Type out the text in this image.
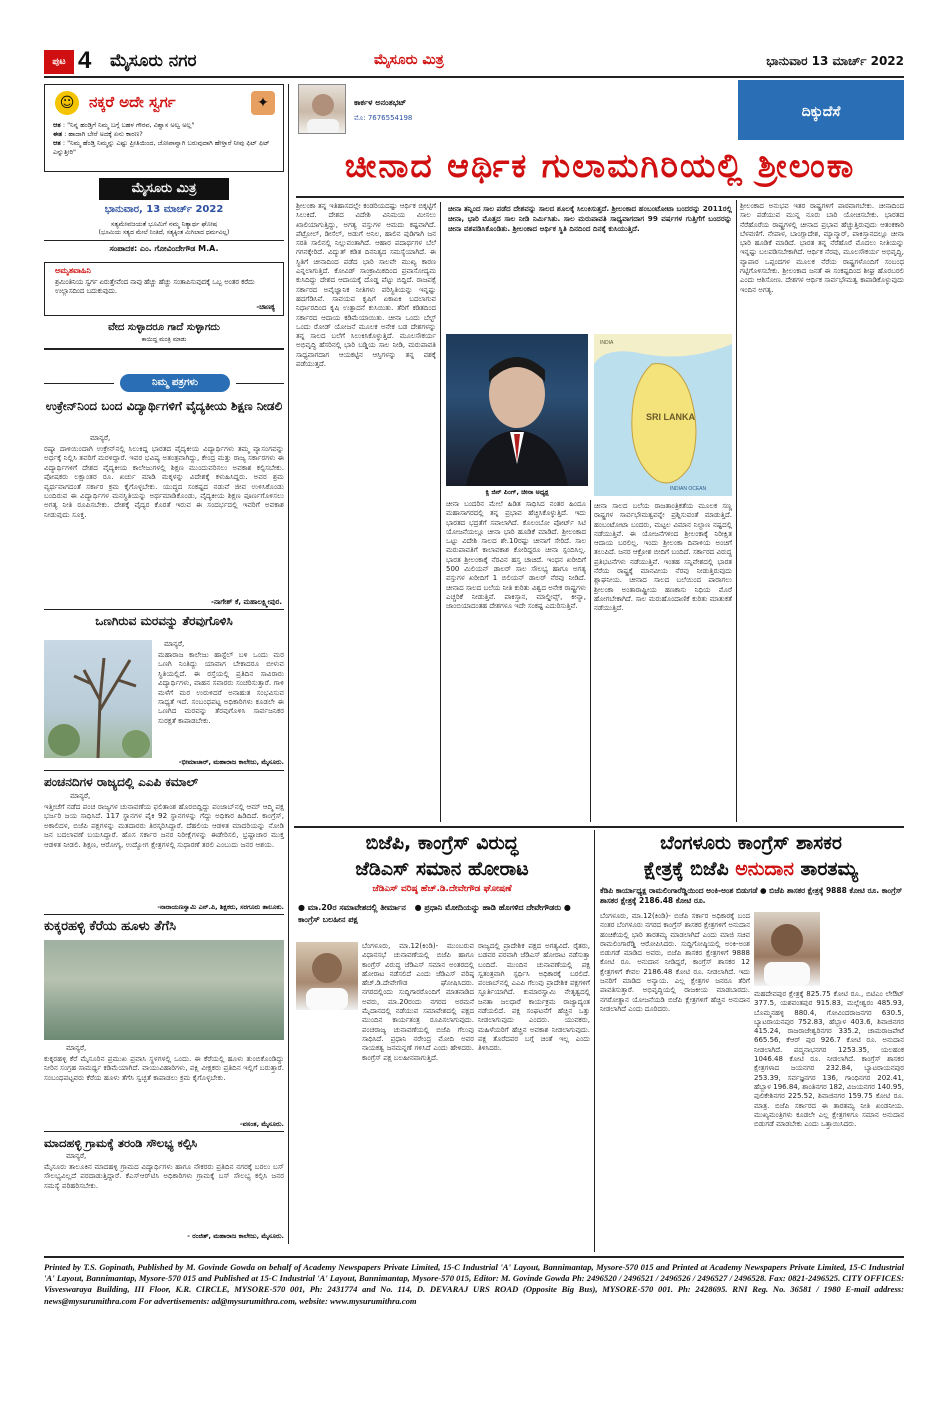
ಪುಟ 4 ಮೈಸೂರು ನಗರ	ಮೈಸೂರು ಮಿತ್ರ	ಭಾನುವಾರ 13 ಮಾರ್ಚ್ 2022
☺ ನಕ್ಕರೆ ಅದೇ ಸ್ವರ್ಗ	✦
ಆತ : "ನಿನ್ನ ಹಂಡ್ತಿಗೆ ನಿಮ್ಮ ಬಗ್ಗೆ ಬಹಳ ಗೌರವ, ವಿಶ್ವಾಸ ಅಲ್ವ ಅಲ್ಲ"
ಈತ : ಹಾದಾಗಿ ಬೇರೆ ಅದಕ್ಕೆ ಏನು ಕಾರಣ?
ಆತ : "ನಿಮ್ಮ ಹೆಂಡ್ತಿ ನಿಮ್ಮನ್ನು ಎಷ್ಟು ಪ್ರೀತಿಯಿಂದ, ಜೋಪಾನ್ವಾಗಿ ಬರುವುದಾಗಿ ಹೇಳ್ತಾರೆ ನೀವು ಫಿಟ್ ಫಿಟ್ ಎನ್ನುತ್ತೀರಿ"
ಮೈಸೂರು ಮಿತ್ರ
ಭಾನುವಾರ, 13 ಮಾರ್ಚ್ 2022
ಸತ್ಯಮೇವಜಯತೆ ಭೂಮಿಗೆ ನಮ್ಮ ನಿತ್ಯಾರ್ಥ ಘೋಷ
(ಭೂಮಿಯ ಸತ್ಯದ ಮೇಲೆ ನಿಂತಿದೆ, ಸತ್ಯಕ್ಕಿಂತ ಮಿಗಿಲಾದ ಧರ್ಮವಿಲ್ಲ)
ಸಂಪಾದಕ: ಎಂ. ಗೋವಿಂದೇಗೌಡ M.A.
ಅಮೃತವಾಹಿನಿ
ಶ್ರಮಿಂತಿನಿಯ ಸ್ವರ್ಗ ಏರುತ್ತೇವೆಂದ ನಾವು ಹೆಚ್ಚು ಹೆಚ್ಚು ಸಂತಾಪಿಸುವುದಕ್ಕೆ ಒಬ್ಬ ಅಂತರ ಕರೆದು ಉಲ್ಲಾಸದಿಂದ ಬದುಕುವುದು.
-ಚಾಣಕ್ಯ
ವೇದ ಸುಳ್ಳಾದರೂ ಗಾದೆ ಸುಳ್ಳಾಗದು
ಕಾಯಿದ್ದ ಮಂತ್ರಿ ಮಾಡು
ನಿಮ್ಮ ಪತ್ರಗಳು
ಉಕ್ರೇನ್‌ನಿಂದ ಬಂದ ವಿದ್ಯಾರ್ಥಿಗಳಿಗೆ ವೈದ್ಯಕೀಯ ಶಿಕ್ಷಣ ನೀಡಲಿ
ಮಾನ್ಯರೆ,
ರಷ್ಯಾ ದಾಳಿಯಿಂದಾಗಿ ಉಕ್ರೇನ್‌ನಲ್ಲಿ ಸಿಲುಕಿದ್ದ ಭಾರತದ ವೈದ್ಯಕೀಯ ವಿದ್ಯಾರ್ಥಿಗಳು ತಮ್ಮ ವ್ಯಾಸಂಗವನ್ನು ಅರ್ಧಕ್ಕೆ ನಿಲ್ಲಿಸಿ ತವರಿಗೆ ಮರಳಿದ್ದಾರೆ. ಇವರ ಭವಿಷ್ಯ ಅತಂತ್ರವಾಗಿದ್ದು, ಕೇಂದ್ರ ಮತ್ತು ರಾಜ್ಯ ಸರ್ಕಾರಗಳು ಈ ವಿದ್ಯಾರ್ಥಿಗಳಿಗೆ ದೇಶದ ವೈದ್ಯಕೀಯ ಕಾಲೇಜುಗಳಲ್ಲಿ ಶಿಕ್ಷಣ ಮುಂದುವರಿಸಲು ಅವಕಾಶ ಕಲ್ಪಿಸಬೇಕು. ಪೋಷಕರು ಲಕ್ಷಾಂತರ ರೂ. ಖರ್ಚು ಮಾಡಿ ಮಕ್ಕಳನ್ನು ವಿದೇಶಕ್ಕೆ ಕಳುಹಿಸಿದ್ದರು. ಅವರ ಶ್ರಮ ವ್ಯರ್ಥವಾಗದಂತೆ ಸರ್ಕಾರ ಕ್ರಮ ಕೈಗೊಳ್ಳಬೇಕು. ಯುದ್ಧದ ಸಂಕಷ್ಟದ ನಡುವೆ ಜೀವ ಉಳಿಸಿಕೊಂಡು ಬಂದಿರುವ ಈ ವಿದ್ಯಾರ್ಥಿಗಳ ಮನಸ್ಥಿತಿಯನ್ನು ಅರ್ಥಮಾಡಿಕೊಂಡು, ವೈದ್ಯಕೀಯ ಶಿಕ್ಷಣ ಪೂರ್ಣಗೊಳಿಸಲು ಅಗತ್ಯ ನೀತಿ ರೂಪಿಸಬೇಕು. ದೇಶಕ್ಕೆ ವೈದ್ಯರ ಕೊರತೆ ಇರುವ ಈ ಸಂದರ್ಭದಲ್ಲಿ ಇವರಿಗೆ ಅವಕಾಶ ನೀಡುವುದು ಸೂಕ್ತ.
-ನಾಗೇಶ್ ಕೆ, ಮಹಾಲಕ್ಷ್ಮೀಪುರ.
ಒಣಗಿರುವ ಮರವನ್ನು ತೆರವುಗೊಳಿಸಿ
ಮಾನ್ಯರೆ,
ಮಹಾರಾಜ ಕಾಲೇಜು ಹಾಸ್ಟೆಲ್ ಬಳಿ ಒಂದು ಮರ ಒಣಗಿ ನಿಂತಿದ್ದು ಯಾವಾಗ ಬೇಕಾದರೂ ಬೀಳುವ ಸ್ಥಿತಿಯಲ್ಲಿದೆ. ಈ ರಸ್ತೆಯಲ್ಲಿ ಪ್ರತಿದಿನ ಸಾವಿರಾರು ವಿದ್ಯಾರ್ಥಿಗಳು, ವಾಹನ ಸವಾರರು ಸಂಚರಿಸುತ್ತಾರೆ. ಗಾಳಿ ಮಳೆಗೆ ಮರ ಉರುಳಿದರೆ ಅನಾಹುತ ಸಂಭವಿಸುವ ಸಾಧ್ಯತೆ ಇದೆ. ಸಂಬಂಧಪಟ್ಟ ಅಧಿಕಾರಿಗಳು ಕೂಡಲೇ ಈ ಒಣಗಿದ ಮರವನ್ನು ತೆರವುಗೊಳಿಸಿ ಸಾರ್ವಜನಿಕರ ಸುರಕ್ಷತೆ ಕಾಪಾಡಬೇಕು.
-ಭೀಮಾಚಾರ್, ಮಹಾರಾಜ ಕಾಲೇಜು, ಮೈಸೂರು.
ಪಂಚನದಿಗಳ ರಾಜ್ಯದಲ್ಲಿ ಎಎಪಿ ಕಮಾಲ್
ಮಾನ್ಯರೆ,
ಇತ್ತೀಚೆಗೆ ನಡೆದ ಪಂಚ ರಾಜ್ಯಗಳ ಚುನಾವಣೆಯ ಫಲಿತಾಂಶ ಹೊರಬಿದ್ದಿದ್ದು ಪಂಜಾಬ್‌ನಲ್ಲಿ ಆಮ್ ಆದ್ಮಿ ಪಕ್ಷ ಭರ್ಜರಿ ಜಯ ಸಾಧಿಸಿದೆ. 117 ಸ್ಥಾನಗಳ ಪೈಕಿ 92 ಸ್ಥಾನಗಳನ್ನು ಗೆದ್ದು ಅಧಿಕಾರ ಹಿಡಿದಿದೆ. ಕಾಂಗ್ರೆಸ್, ಅಕಾಲಿದಳ, ಬಿಜೆಪಿ ಪಕ್ಷಗಳನ್ನು ಮತದಾರರು ತಿರಸ್ಕರಿಸಿದ್ದಾರೆ. ದೆಹಲಿಯ ಆಡಳಿತ ಮಾದರಿಯನ್ನು ನೋಡಿ ಜನ ಬದಲಾವಣೆ ಬಯಸಿದ್ದಾರೆ. ಹೊಸ ಸರ್ಕಾರ ಜನರ ನಿರೀಕ್ಷೆಗಳನ್ನು ಈಡೇರಿಸಲಿ, ಭ್ರಷ್ಟಾಚಾರ ಮುಕ್ತ ಆಡಳಿತ ನೀಡಲಿ. ಶಿಕ್ಷಣ, ಆರೋಗ್ಯ, ಉದ್ಯೋಗ ಕ್ಷೇತ್ರಗಳಲ್ಲಿ ಸುಧಾರಣೆ ತರಲಿ ಎಂಬುದು ಜನರ ಆಶಯ.
-ನಾರಾಯಣಸ್ವಾಮಿ ಎನ್.ಪಿ, ಶಿಕ್ಷಕರು, ಸರಗೂರು ತಾಲೂಕು.
ಕುಕ್ಕರಹಳ್ಳಿ ಕೆರೆಯ ಹೂಳು ತೆಗೆಸಿ
ಮಾನ್ಯರೆ,
ಕುಕ್ಕರಹಳ್ಳಿ ಕೆರೆ ಮೈಸೂರಿನ ಪ್ರಮುಖ ಪ್ರವಾಸಿ ಸ್ಥಳಗಳಲ್ಲಿ ಒಂದು. ಈ ಕೆರೆಯಲ್ಲಿ ಹೂಳು ತುಂಬಿಕೊಂಡಿದ್ದು ನೀರಿನ ಸಂಗ್ರಹ ಸಾಮರ್ಥ್ಯ ಕಡಿಮೆಯಾಗಿದೆ. ವಾಯುವಿಹಾರಿಗಳು, ಪಕ್ಷಿ ವೀಕ್ಷಕರು ಪ್ರತಿದಿನ ಇಲ್ಲಿಗೆ ಬರುತ್ತಾರೆ. ಸಂಬಂಧಪಟ್ಟವರು ಕೆರೆಯ ಹೂಳು ತೆಗೆಸಿ ಸ್ವಚ್ಛತೆ ಕಾಪಾಡಲು ಕ್ರಮ ಕೈಗೊಳ್ಳಬೇಕು.
-ವಸಂತ, ಮೈಸೂರು.
ಮಾದಹಳ್ಳಿ ಗ್ರಾಮಕ್ಕೆ ತರಂಡಿ ಸೌಲಭ್ಯ ಕಲ್ಪಿಸಿ
ಮಾನ್ಯರೆ,
ಮೈಸೂರು ತಾಲೂಕಿನ ಮಾದಹಳ್ಳಿ ಗ್ರಾಮದ ವಿದ್ಯಾರ್ಥಿಗಳು ಹಾಗೂ ನೌಕರರು ಪ್ರತಿದಿನ ನಗರಕ್ಕೆ ಬರಲು ಬಸ್ ಸೌಲಭ್ಯವಿಲ್ಲದೆ ಪರದಾಡುತ್ತಿದ್ದಾರೆ. ಕೆಎಸ್‌ಆರ್‌ಟಿಸಿ ಅಧಿಕಾರಿಗಳು ಗ್ರಾಮಕ್ಕೆ ಬಸ್ ಸೌಲಭ್ಯ ಕಲ್ಪಿಸಿ ಜನರ ಸಮಸ್ಯೆ ಪರಿಹರಿಸಬೇಕು.
- ರಂಜಿತ್, ಮಹಾರಾಜ ಕಾಲೇಜು, ಮೈಸೂರು.
ಕಾರ್ಕಳ ಅನಂತಭಟ್
ಮೊ: 7676554198	ದಿಕ್ಕುದೆಸೆ
ಚೀನಾದ ಆರ್ಥಿಕ ಗುಲಾಮಗಿರಿಯಲ್ಲಿ ಶ್ರೀಲಂಕಾ
ಶ್ರೀಲಂಕಾ ತನ್ನ ಇತಿಹಾಸದಲ್ಲೇ ಕಂಡರಿಯದಷ್ಟು ಆರ್ಥಿಕ ಬಿಕ್ಕಟ್ಟಿಗೆ ಸಿಲುಕಿದೆ. ದೇಶದ ವಿದೇಶಿ ವಿನಿಮಯ ಮೀಸಲು ಖಾಲಿಯಾಗುತ್ತಿದ್ದು, ಅಗತ್ಯ ವಸ್ತುಗಳ ಆಮದು ಕಷ್ಟವಾಗಿದೆ. ಪೆಟ್ರೋಲ್, ಡೀಸೆಲ್, ಅಡುಗೆ ಅನಿಲ, ಹಾಲಿನ ಪುಡಿಗಾಗಿ ಜನ ಸರತಿ ಸಾಲಿನಲ್ಲಿ ನಿಲ್ಲುವಂತಾಗಿದೆ. ಆಹಾರ ಪದಾರ್ಥಗಳ ಬೆಲೆ ಗಗನಕ್ಕೇರಿದೆ. ವಿದ್ಯುತ್ ಕಡಿತ ದಿನನಿತ್ಯದ ಸಮಸ್ಯೆಯಾಗಿದೆ. ಈ ಸ್ಥಿತಿಗೆ ಚೀನಾದಿಂದ ಪಡೆದ ಭಾರಿ ಸಾಲವೇ ಮುಖ್ಯ ಕಾರಣ ಎನ್ನಲಾಗುತ್ತಿದೆ. ಕೋವಿಡ್ ಸಾಂಕ್ರಾಮಿಕದಿಂದ ಪ್ರವಾಸೋದ್ಯಮ ಕುಸಿದಿದ್ದು ದೇಶದ ಆದಾಯಕ್ಕೆ ದೊಡ್ಡ ಪೆಟ್ಟು ಬಿದ್ದಿದೆ. ರಾಜಪಕ್ಸೆ ಸರ್ಕಾರದ ಅವೈಜ್ಞಾನಿಕ ನೀತಿಗಳು ಪರಿಸ್ಥಿತಿಯನ್ನು ಇನ್ನಷ್ಟು ಹದಗೆಡಿಸಿವೆ. ಸಾವಯವ ಕೃಷಿಗೆ ಏಕಾಏಕಿ ಬದಲಾಗುವ ನಿರ್ಧಾರದಿಂದ ಕೃಷಿ ಉತ್ಪಾದನೆ ಕುಸಿಯಿತು. ತೆರಿಗೆ ಕಡಿತದಿಂದ ಸರ್ಕಾರದ ಆದಾಯ ಕಡಿಮೆಯಾಯಿತು. ಚೀನಾ ಒಂದು ಬೆಲ್ಟ್ ಒಂದು ರೋಡ್ ಯೋಜನೆ ಮೂಲಕ ಅನೇಕ ಬಡ ದೇಶಗಳನ್ನು ತನ್ನ ಸಾಲದ ಬಲೆಗೆ ಸಿಲುಕಿಸಿಕೊಳ್ಳುತ್ತಿದೆ. ಮೂಲಸೌಕರ್ಯ ಅಭಿವೃದ್ಧಿ ಹೆಸರಿನಲ್ಲಿ ಭಾರಿ ಬಡ್ಡಿಯ ಸಾಲ ನೀಡಿ, ಮರುಪಾವತಿ ಸಾಧ್ಯವಾಗದಾಗ ಆಯಕಟ್ಟಿನ ಆಸ್ತಿಗಳನ್ನು ತನ್ನ ವಶಕ್ಕೆ ಪಡೆಯುತ್ತದೆ.
ಚೀನಾ ತನ್ನಿಂದ ಸಾಲ ಪಡೆದ ದೇಶವನ್ನು ಸಾಲದ ಶೂಲಕ್ಕೆ ಸಿಲುಕಿಸುತ್ತದೆ. ಶ್ರೀಲಂಕಾದ ಹಂಬಂಟೋಟಾ ಬಂದರನ್ನು 2011ರಲ್ಲಿ ಚೀನಾ, ಭಾರಿ ಮೊತ್ತದ ಸಾಲ ನೀಡಿ ನಿರ್ಮಿಸಿತು. ಸಾಲ ಮರುಪಾವತಿ ಸಾಧ್ಯವಾಗದಾಗ 99 ವರ್ಷಗಳ ಗುತ್ತಿಗೆಗೆ ಬಂದರನ್ನು ಚೀನಾ ವಶಪಡಿಸಿಕೊಂಡಿತು. ಶ್ರೀಲಂಕಾದ ಆರ್ಥಿಕ ಸ್ಥಿತಿ ದಿನದಿಂದ ದಿನಕ್ಕೆ ಕುಸಿಯುತ್ತಿದೆ.
ಕ್ಸಿ ಜಿನ್ ಪಿಂಗ್, ಚೀನಾ ಅಧ್ಯಕ್ಷ
SRI LANKA
INDIAN OCEAN
INDIA
ಚೀನಾ ಬಂದರಿನ ಮೇಲೆ ಹಿಡಿತ ಸಾಧಿಸಿದ ನಂತರ ಹಿಂದೂ ಮಹಾಸಾಗರದಲ್ಲಿ ತನ್ನ ಪ್ರಭಾವ ಹೆಚ್ಚಿಸಿಕೊಳ್ಳುತ್ತಿದೆ. ಇದು ಭಾರತದ ಭದ್ರತೆಗೆ ಸವಾಲಾಗಿದೆ. ಕೊಲಂಬೋ ಪೋರ್ಟ್ ಸಿಟಿ ಯೋಜನೆಯಲ್ಲೂ ಚೀನಾ ಭಾರಿ ಹೂಡಿಕೆ ಮಾಡಿದೆ. ಶ್ರೀಲಂಕಾದ ಒಟ್ಟು ವಿದೇಶಿ ಸಾಲದ ಶೇ.10ರಷ್ಟು ಚೀನಾಗೆ ಸೇರಿದೆ. ಸಾಲ ಮರುಪಾವತಿಗೆ ಕಾಲಾವಕಾಶ ಕೋರಿದ್ದರೂ ಚೀನಾ ಸ್ಪಂದಿಸಿಲ್ಲ. ಭಾರತ ಶ್ರೀಲಂಕಾಕ್ಕೆ ನೆರವಿನ ಹಸ್ತ ಚಾಚಿದೆ. ಇಂಧನ ಖರೀದಿಗೆ 500 ಮಿಲಿಯನ್ ಡಾಲರ್ ಸಾಲ ಸೌಲಭ್ಯ ಹಾಗೂ ಅಗತ್ಯ ವಸ್ತುಗಳ ಖರೀದಿಗೆ 1 ಬಿಲಿಯನ್ ಡಾಲರ್ ನೆರವು ನೀಡಿದೆ. ಚೀನಾದ ಸಾಲದ ಬಲೆಯ ನೀತಿ ಕುರಿತು ವಿಶ್ವದ ಅನೇಕ ರಾಷ್ಟ್ರಗಳು ಎಚ್ಚರಿಕೆ ನೀಡುತ್ತಿವೆ. ಪಾಕಿಸ್ತಾನ, ಮಾಲ್ಡೀವ್ಸ್, ಕೀನ್ಯಾ, ಜಾಂಬಿಯಾದಂತಹ ದೇಶಗಳೂ ಇದೇ ಸಂಕಷ್ಟ ಎದುರಿಸುತ್ತಿವೆ.
ಚೀನಾ ಸಾಲದ ಬಲೆಯ ರಾಜತಾಂತ್ರಿಕತೆಯ ಮೂಲಕ ಸಣ್ಣ ರಾಷ್ಟ್ರಗಳ ಸಾರ್ವಭೌಮತ್ವವನ್ನೇ ಪ್ರಶ್ನಿಸುವಂತೆ ಮಾಡುತ್ತಿದೆ. ಹಂಬಂಟೋಟಾ ಬಂದರು, ಮಟ್ಟಲ ವಿಮಾನ ನಿಲ್ದಾಣ ನಷ್ಟದಲ್ಲಿ ನಡೆಯುತ್ತಿವೆ. ಈ ಯೋಜನೆಗಳಿಂದ ಶ್ರೀಲಂಕಾಕ್ಕೆ ನಿರೀಕ್ಷಿತ ಆದಾಯ ಬರಲಿಲ್ಲ. ಇಂದು ಶ್ರೀಲಂಕಾ ದಿವಾಳಿಯ ಅಂಚಿಗೆ ತಲುಪಿದೆ. ಜನರ ಆಕ್ರೋಶ ಬೀದಿಗೆ ಬಂದಿದೆ. ಸರ್ಕಾರದ ವಿರುದ್ಧ ಪ್ರತಿಭಟನೆಗಳು ನಡೆಯುತ್ತಿವೆ. ಇಂತಹ ಸನ್ನಿವೇಶದಲ್ಲಿ ಭಾರತ ನೆರೆಯ ರಾಷ್ಟ್ರಕ್ಕೆ ಮಾನವೀಯ ನೆರವು ನೀಡುತ್ತಿರುವುದು ಶ್ಲಾಘನೀಯ. ಚೀನಾದ ಸಾಲದ ಬಲೆಯಿಂದ ಪಾರಾಗಲು ಶ್ರೀಲಂಕಾ ಅಂತಾರಾಷ್ಟ್ರೀಯ ಹಣಕಾಸು ನಿಧಿಯ ಮೊರೆ ಹೋಗಬೇಕಾಗಿದೆ. ಸಾಲ ಮರುಹೊಂದಾಣಿಕೆ ಕುರಿತು ಮಾತುಕತೆ ನಡೆಯುತ್ತಿದೆ.
ಶ್ರೀಲಂಕಾದ ಅನುಭವ ಇತರ ರಾಷ್ಟ್ರಗಳಿಗೆ ಪಾಠವಾಗಬೇಕು. ಚೀನಾದಿಂದ ಸಾಲ ಪಡೆಯುವ ಮುನ್ನ ನೂರು ಬಾರಿ ಯೋಚಿಸಬೇಕು. ಭಾರತದ ನೆರೆಹೊರೆಯ ರಾಷ್ಟ್ರಗಳಲ್ಲಿ ಚೀನಾದ ಪ್ರಭಾವ ಹೆಚ್ಚುತ್ತಿರುವುದು ಆತಂಕಕಾರಿ ಬೆಳವಣಿಗೆ. ನೇಪಾಳ, ಬಾಂಗ್ಲಾದೇಶ, ಮ್ಯಾನ್ಮಾರ್, ಪಾಕಿಸ್ತಾನದಲ್ಲೂ ಚೀನಾ ಭಾರಿ ಹೂಡಿಕೆ ಮಾಡಿದೆ. ಭಾರತ ತನ್ನ ನೆರೆಹೊರೆ ಮೊದಲು ನೀತಿಯನ್ನು ಇನ್ನಷ್ಟು ಬಲಪಡಿಸಬೇಕಾಗಿದೆ. ಆರ್ಥಿಕ ನೆರವು, ಮೂಲಸೌಕರ್ಯ ಅಭಿವೃದ್ಧಿ, ವ್ಯಾಪಾರ ಒಪ್ಪಂದಗಳ ಮೂಲಕ ನೆರೆಯ ರಾಷ್ಟ್ರಗಳೊಂದಿಗೆ ಸಂಬಂಧ ಗಟ್ಟಿಗೊಳಿಸಬೇಕು. ಶ್ರೀಲಂಕಾದ ಜನತೆ ಈ ಸಂಕಷ್ಟದಿಂದ ಶೀಘ್ರ ಹೊರಬರಲಿ ಎಂದು ಆಶಿಸೋಣ. ದೇಶಗಳ ಆರ್ಥಿಕ ಸಾರ್ವಭೌಮತ್ವ ಕಾಪಾಡಿಕೊಳ್ಳುವುದು ಇಂದಿನ ಅಗತ್ಯ.
ಬಿಜೆಪಿ, ಕಾಂಗ್ರೆಸ್ ವಿರುದ್ಧ
ಜೆಡಿಎಸ್ ಸಮಾನ ಹೋರಾಟ
ಜೆಡಿಎಸ್ ವರಿಷ್ಠ ಹೆಚ್.ಡಿ.ದೇವೇಗೌಡ ಘೋಷಣೆ
● ಮಾ.20ರ ಸಮಾವೇಶದಲ್ಲಿ ತೀರ್ಮಾನ ● ಪ್ರಧಾನಿ ಮೋದಿಯನ್ನು ಹಾಡಿ ಹೊಗಳಿದ ದೇವೇಗೌಡರು ● ಕಾಂಗ್ರೆಸ್ ಬಲಹೀನ ಪಕ್ಷ
ಬೆಂಗಳೂರು, ಮಾ.12(ಕಿಂಡಿ)- ಮುಂಬರುವ ವಿಧಾನಸಭೆ ಚುನಾವಣೆಯಲ್ಲಿ ಬಿಜೆಪಿ ಹಾಗೂ ಕಾಂಗ್ರೆಸ್ ವಿರುದ್ಧ ಜೆಡಿಎಸ್ ಸಮಾನ ಅಂತರದಲ್ಲಿ ಹೋರಾಟ ನಡೆಸಲಿದೆ ಎಂದು ಜೆಡಿಎಸ್ ವರಿಷ್ಠ ಹೆಚ್.ಡಿ.ದೇವೇಗೌಡ ಘೋಷಿಸಿದರು. ನಗರದಲ್ಲಿಂದು ಸುದ್ದಿಗಾರರೊಂದಿಗೆ ಮಾತನಾಡಿದ ಅವರು, ಮಾ.20ರಂದು ನಗರದ ಅರಮನೆ ಮೈದಾನದಲ್ಲಿ ನಡೆಯುವ ಸಮಾವೇಶದಲ್ಲಿ ಪಕ್ಷದ ಮುಂದಿನ ಕಾರ್ಯತಂತ್ರ ರೂಪಿಸಲಾಗುವುದು. ಪಂಚರಾಜ್ಯ ಚುನಾವಣೆಯಲ್ಲಿ ಬಿಜೆಪಿ ಗೆಲುವು ಸಾಧಿಸಿದೆ. ಪ್ರಧಾನಿ ನರೇಂದ್ರ ಮೋದಿ ಅವರ ನಾಯಕತ್ವ ಜನಮನ್ನಣೆ ಗಳಿಸಿದೆ ಎಂದು ಹೇಳಿದರು. ಕಾಂಗ್ರೆಸ್ ಪಕ್ಷ ಬಲಹೀನವಾಗುತ್ತಿದೆ.
ರಾಜ್ಯದಲ್ಲಿ ಪ್ರಾದೇಶಿಕ ಪಕ್ಷದ ಅಗತ್ಯವಿದೆ. ರೈತರು, ಬಡವರ ಪರವಾಗಿ ಜೆಡಿಎಸ್ ಹೋರಾಟ ನಡೆಸುತ್ತಾ ಬಂದಿದೆ. ಮುಂದಿನ ಚುನಾವಣೆಯಲ್ಲಿ ಪಕ್ಷ ಸ್ವತಂತ್ರವಾಗಿ ಸ್ಪರ್ಧಿಸಿ ಅಧಿಕಾರಕ್ಕೆ ಬರಲಿದೆ. ಪಂಜಾಬ್‌ನಲ್ಲಿ ಎಎಪಿ ಗೆಲುವು ಪ್ರಾದೇಶಿಕ ಪಕ್ಷಗಳಿಗೆ ಸ್ಫೂರ್ತಿಯಾಗಿದೆ. ಕುಮಾರಸ್ವಾಮಿ ನೇತೃತ್ವದಲ್ಲಿ ಜನತಾ ಜಲಧಾರೆ ಕಾರ್ಯಕ್ರಮ ರಾಜ್ಯಾದ್ಯಂತ ನಡೆಯಲಿದೆ. ಪಕ್ಷ ಸಂಘಟನೆಗೆ ಹೆಚ್ಚಿನ ಒತ್ತು ನೀಡಲಾಗುವುದು ಎಂದರು. ಯುವಕರು, ಮಹಿಳೆಯರಿಗೆ ಹೆಚ್ಚಿನ ಅವಕಾಶ ನೀಡಲಾಗುವುದು. ಪಕ್ಷ ತೊರೆದವರ ಬಗ್ಗೆ ಚಿಂತೆ ಇಲ್ಲ ಎಂದು ತಿಳಿಸಿದರು.
ಬೆಂಗಳೂರು ಕಾಂಗ್ರೆಸ್ ಶಾಸಕರ
ಕ್ಷೇತ್ರಕ್ಕೆ ಬಿಜೆಪಿ ಅನುದಾನ ತಾರತಮ್ಯ
ಕೆಡಿಪಿ ಕಾರ್ಯಾಧ್ಯಕ್ಷ ರಾಮಲಿಂಗಾರೆಡ್ಡಿಯಿಂದ ಅಂಕಿ-ಅಂಶ ಬಿಡುಗಡೆ ● ಬಿಜೆಪಿ ಶಾಸಕರ ಕ್ಷೇತ್ರಕ್ಕೆ 9888 ಕೋಟಿ ರೂ. ಕಾಂಗ್ರೆಸ್ ಶಾಸಕರ ಕ್ಷೇತ್ರಕ್ಕೆ 2186.48 ಕೋಟಿ ರೂ.
ಬೆಂಗಳೂರು, ಮಾ.12(ಕಿಂಡಿ)- ಬಿಜೆಪಿ ಸರ್ಕಾರ ಅಧಿಕಾರಕ್ಕೆ ಬಂದ ನಂತರ ಬೆಂಗಳೂರು ನಗರದ ಕಾಂಗ್ರೆಸ್ ಶಾಸಕರ ಕ್ಷೇತ್ರಗಳಿಗೆ ಅನುದಾನ ಹಂಚಿಕೆಯಲ್ಲಿ ಭಾರಿ ತಾರತಮ್ಯ ಮಾಡಲಾಗಿದೆ ಎಂದು ಮಾಜಿ ಸಚಿವ ರಾಮಲಿಂಗಾರೆಡ್ಡಿ ಆರೋಪಿಸಿದರು. ಸುದ್ದಿಗೋಷ್ಠಿಯಲ್ಲಿ ಅಂಕಿ-ಅಂಶ ಬಿಡುಗಡೆ ಮಾಡಿದ ಅವರು, ಬಿಜೆಪಿ ಶಾಸಕರ ಕ್ಷೇತ್ರಗಳಿಗೆ 9888 ಕೋಟಿ ರೂ. ಅನುದಾನ ನೀಡಿದ್ದರೆ, ಕಾಂಗ್ರೆಸ್ ಶಾಸಕರ 12 ಕ್ಷೇತ್ರಗಳಿಗೆ ಕೇವಲ 2186.48 ಕೋಟಿ ರೂ. ನೀಡಲಾಗಿದೆ. ಇದು ಜನರಿಗೆ ಮಾಡಿದ ಅನ್ಯಾಯ. ಎಲ್ಲ ಕ್ಷೇತ್ರಗಳ ಜನರೂ ತೆರಿಗೆ ಪಾವತಿಸುತ್ತಾರೆ. ಅಭಿವೃದ್ಧಿಯಲ್ಲಿ ರಾಜಕೀಯ ಮಾಡಬಾರದು. ನಗರೋತ್ಥಾನ ಯೋಜನೆಯಡಿ ಬಿಜೆಪಿ ಕ್ಷೇತ್ರಗಳಿಗೆ ಹೆಚ್ಚಿನ ಅನುದಾನ ನೀಡಲಾಗಿದೆ ಎಂದು ದೂರಿದರು.
ಮಹದೇವಪುರ ಕ್ಷೇತ್ರಕ್ಕೆ 825.75 ಕೋಟಿ ರೂ., ಬಿಟಿಎಂ ಲೇಔಟ್ 377.5, ಯಶವಂತಪುರ 915.83, ಮಲ್ಲೇಶ್ವರಂ 485.93, ಬೊಮ್ಮನಹಳ್ಳಿ 880.4, ಗೋವಿಂದರಾಜನಗರ 630.5, ಬ್ಯಾಟರಾಯನಪುರ 752.83, ಹೆಬ್ಬಾಳ 403.6, ಶಿವಾಜಿನಗರ 415.24, ರಾಜರಾಜೇಶ್ವರಿನಗರ 335.2, ಚಾಮರಾಜಪೇಟೆ 665.56, ಕೆಆರ್ ಪುರ 926.7 ಕೋಟಿ ರೂ. ಅನುದಾನ ನೀಡಲಾಗಿದೆ. ಪದ್ಮನಾಭನಗರ 1253.35, ಯಲಹಂಕ 1046.48 ಕೋಟಿ ರೂ. ನೀಡಲಾಗಿದೆ. ಕಾಂಗ್ರೆಸ್ ಶಾಸಕರ ಕ್ಷೇತ್ರಗಳಾದ ಜಯನಗರ 232.84, ಬ್ಯಾಟರಾಯನಪುರ 253.39, ಸರ್ವಜ್ಞನಗರ 136, ಗಾಂಧಿನಗರ 202.41, ಹೆಬ್ಬಾಳ 196.84, ಶಾಂತಿನಗರ 182, ವಿಜಯನಗರ 140.95, ಪುಲಿಕೇಶಿನಗರ 225.52, ಶಿವಾಜಿನಗರ 159.75 ಕೋಟಿ ರೂ. ಮಾತ್ರ. ಬಿಜೆಪಿ ಸರ್ಕಾರದ ಈ ತಾರತಮ್ಯ ನೀತಿ ಖಂಡನೀಯ. ಮುಖ್ಯಮಂತ್ರಿಗಳು ಕೂಡಲೇ ಎಲ್ಲ ಕ್ಷೇತ್ರಗಳಿಗೂ ಸಮಾನ ಅನುದಾನ ಬಿಡುಗಡೆ ಮಾಡಬೇಕು ಎಂದು ಒತ್ತಾಯಿಸಿದರು.
Printed by T.S. Gopinath, Published by M. Govinde Gowda on behalf of Academy Newspapers Private Limited, 15-C Industrial 'A' Layout, Bannimantap, Mysore-570 015 and Printed at Academy Newspapers Private Limited, 15-C Industrial 'A' Layout, Bannimantap, Mysore-570 015 and Published at 15-C Industrial 'A' Layout, Bannimantap, Mysore-570 015, Editor: M. Govinde Gowda Ph: 2496520 / 2496521 / 2496526 / 2496527 / 2496528. Fax: 0821-2496525. CITY OFFICES: Visveswaraya Building, III Floor, K.R. CIRCLE, MYSORE-570 001, Ph: 2431774 and No. 114, D. DEVARAJ URS ROAD (Opposite Big Bus), MYSORE-570 001. Ph: 2428695. RNI Reg. No. 36581 / 1980 E-mail address: news@mysurumithra.com For advertisements: ad@mysurumithra.com, website: www.mysurumithra.com
